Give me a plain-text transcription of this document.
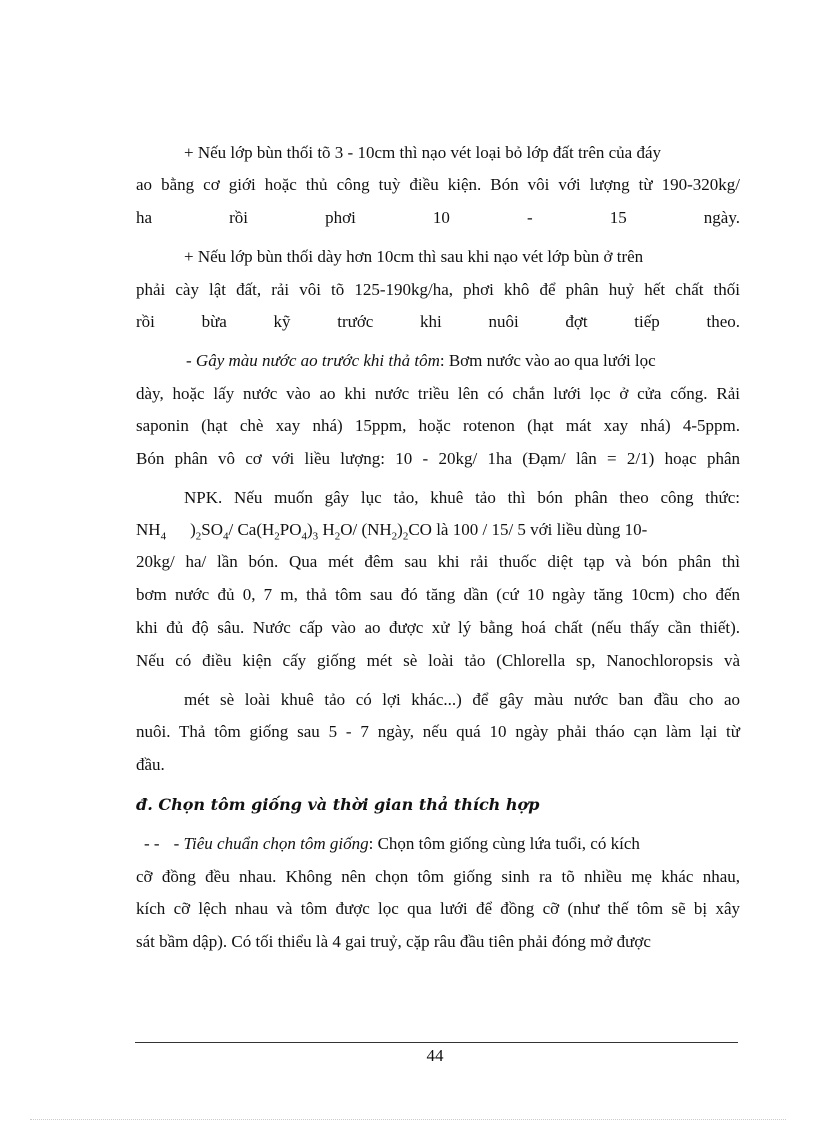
+ Nếu lớp bùn thối tõ 3 - 10cm thì nạo vét loại bỏ lớp đất trên của đáy
ao bằng cơ giới hoặc thủ công tuỳ điều kiện. Bón vôi với lượng từ 190-320kg/
ha rồi phơi 10 - 15 ngày.
+ Nếu lớp bùn thối dày hơn 10cm thì sau khi nạo vét lớp bùn ở trên
phải cày lật đất, rải vôi tõ 125-190kg/ha, phơi khô để phân huỷ hết chất thối
rồi bừa kỹ trước khi nuôi đợt tiếp theo.
- Gây màu nước ao trước khi thả tôm: Bơm nước vào ao qua lưới lọc
dày, hoặc lấy nước vào ao khi nước triều lên có chắn lưới lọc ở cửa cống. Rải
saponin (hạt chè xay nhá) 15ppm, hoặc rotenon (hạt mát xay nhá) 4-5ppm.
Bón phân vô cơ với liều lượng: 10 - 20kg/ 1ha (Đạm/ lân = 2/1) hoạc phân
NPK. Nếu muốn gây lục tảo, khuê tảo thì bón phân theo công thức:
$NH_4$ )$_2SO_4/$ $Ca(H_2PO_4)_3$ $H_2O/$ $(NH_2)_2CO$ là 100 / 15/ 5 với liều dùng 10-
20kg/ ha/ lần bón. Qua mét đêm sau khi rải thuốc diệt tạp và bón phân thì
bơm nước đủ 0, 7 m, thả tôm sau đó tăng dần (cứ 10 ngày tăng 10cm) cho đến
khi đủ độ sâu. Nước cấp vào ao được xử lý bằng hoá chất (nếu thấy cần thiết).
Nếu có điều kiện cấy giống mét sè loài tảo (Chlorella sp, Nanochloropsis và
mét sè loài khuê tảo có lợi khác...) để gây màu nước ban đầu cho ao
nuôi. Thả tôm giống sau 5 - 7 ngày, nếu quá 10 ngày phải tháo cạn làm lại từ
đầu.
đ. Chọn tôm giống và thời gian thả thích hợp
- - - Tiêu chuẩn chọn tôm giống: Chọn tôm giống cùng lứa tuổi, có kích
cỡ đồng đều nhau. Không nên chọn tôm giống sinh ra tõ nhiều mẹ khác nhau,
kích cỡ lệch nhau và tôm được lọc qua lưới để đồng cỡ (như thế tôm sẽ bị xây
sát bầm dập). Có tối thiểu là 4 gai truỷ, cặp râu đầu tiên phải đóng mở được
44
